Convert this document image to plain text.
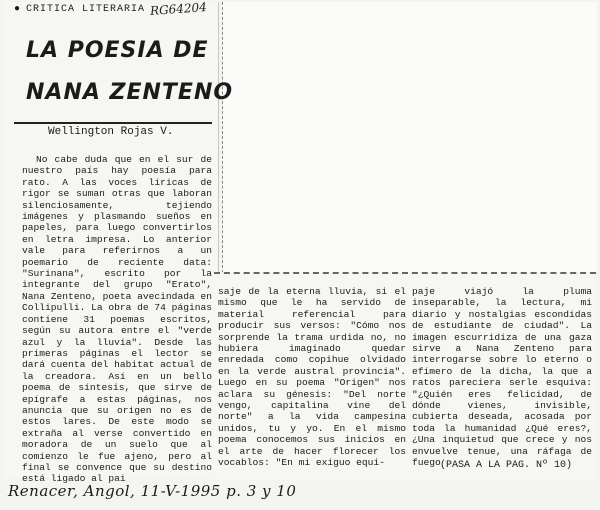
● CRITICA LITERARIA RG64204
LA POESIA DE
NANA ZENTENO
Wellington Rojas V.

No cabe duda que en el sur de nuestro país hay poesía para rato. A las voces líricas de rigor se suman otras que laboran silenciosamente, tejiendo imágenes y plasmando sueños en papeles, para luego convertirlos en letra impresa. Lo anterior vale para referirnos a un poemario de reciente data: "Surinana", escrito por la integrante del grupo "Erato", Nana Zenteno, poeta avecindada en Collipulli. La obra de 74 páginas contiene 31 poemas escritos, según su autora entre el "verde azul y la lluvia". Desde las primeras páginas el lector se dará cuenta del habitat actual de la creadora. Así en un bello poema de síntesis, que sirve de epígrafe a estas páginas, nos anuncia que su origen no es de estos lares. De este modo se extraña al verse convertido en moradora de un suelo que al comienzo le fue ajeno, pero al final se convence que su destino está ligado al pai

saje de la eterna lluvia, si el mismo que le ha servido de material referencial para producir sus versos: "Cómo nos sorprende la trama urdida no, no hubiera imaginado quedar enredada como copihue olvidado en la verde austral provincia". Luego en su poema "Origen" nos aclara su génesis: "Del norte vengo, capitalina vine del norte" a la vida campesina unidos, tu y yo. En el mismo poema conocemos sus inicios en el arte de hacer florecer los vocablos: "En mi exiguo equi-

paje viajó la pluma inseparable, la lectura, mi diario y nostalgias escondidas de estudiante de ciudad". La imagen escurridiza de una gaza sirve a Nana Zenteno para interrogarse sobre lo eterno o efímero de la dicha, la que a ratos pareciera serle esquiva: "¿Quién eres felicidad, de dónde vienes, invisible, cubierta deseada, acosada por toda la humanidad ¿Qué eres?, ¿Una inquietud que crece y nos envuelve tenue, una ráfaga de fuego (PASA A LA PAG. Nº 10)
Renacer, Angol, 11-V-1995 p. 3 y 10
